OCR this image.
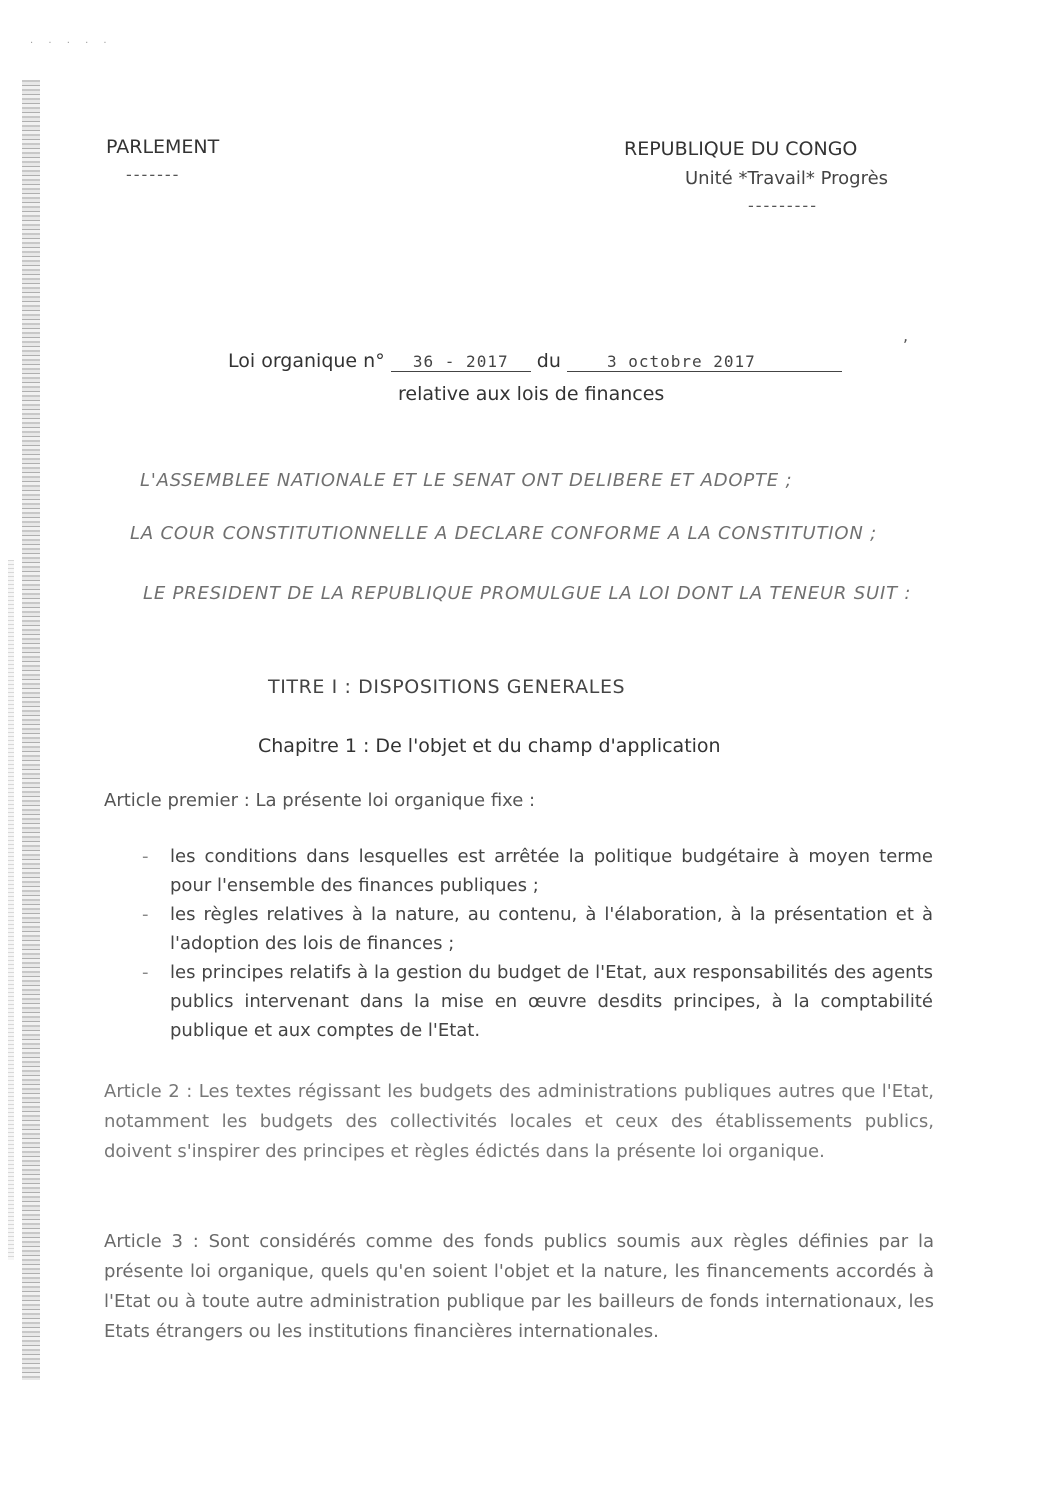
· · · · ·
,
PARLEMENT
-------
REPUBLIQUE DU CONGO
Unité *Travail* Progrès
---------
Loi organique n° 36 - 2017 du	3 octobre 2017
relative aux lois de finances
L'ASSEMBLEE NATIONALE ET LE SENAT ONT DELIBERE ET ADOPTE ;
LA COUR CONSTITUTIONNELLE A DECLARE CONFORME A LA CONSTITUTION ;
LE PRESIDENT DE LA REPUBLIQUE PROMULGUE LA LOI DONT LA TENEUR SUIT :
TITRE I : DISPOSITIONS GENERALES
Chapitre 1 : De l'objet et du champ d'application
Article premier : La présente loi organique fixe :
- les conditions dans lesquelles est arrêtée la politique budgétaire à moyen terme pour l'ensemble des finances publiques ;
- les règles relatives à la nature, au contenu, à l'élaboration, à la présentation et à l'adoption des lois de finances ;
- les principes relatifs à la gestion du budget de l'Etat, aux responsabilités des agents publics intervenant dans la mise en œuvre desdits principes, à la comptabilité publique et aux comptes de l'Etat.
Article 2 : Les textes régissant les budgets des administrations publiques autres que l'Etat, notamment les budgets des collectivités locales et ceux des établissements publics, doivent s'inspirer des principes et règles édictés dans la présente loi organique.
Article 3 : Sont considérés comme des fonds publics soumis aux règles définies par la présente loi organique, quels qu'en soient l'objet et la nature, les financements accordés à l'Etat ou à toute autre administration publique par les bailleurs de fonds internationaux, les Etats étrangers ou les institutions financières internationales.
